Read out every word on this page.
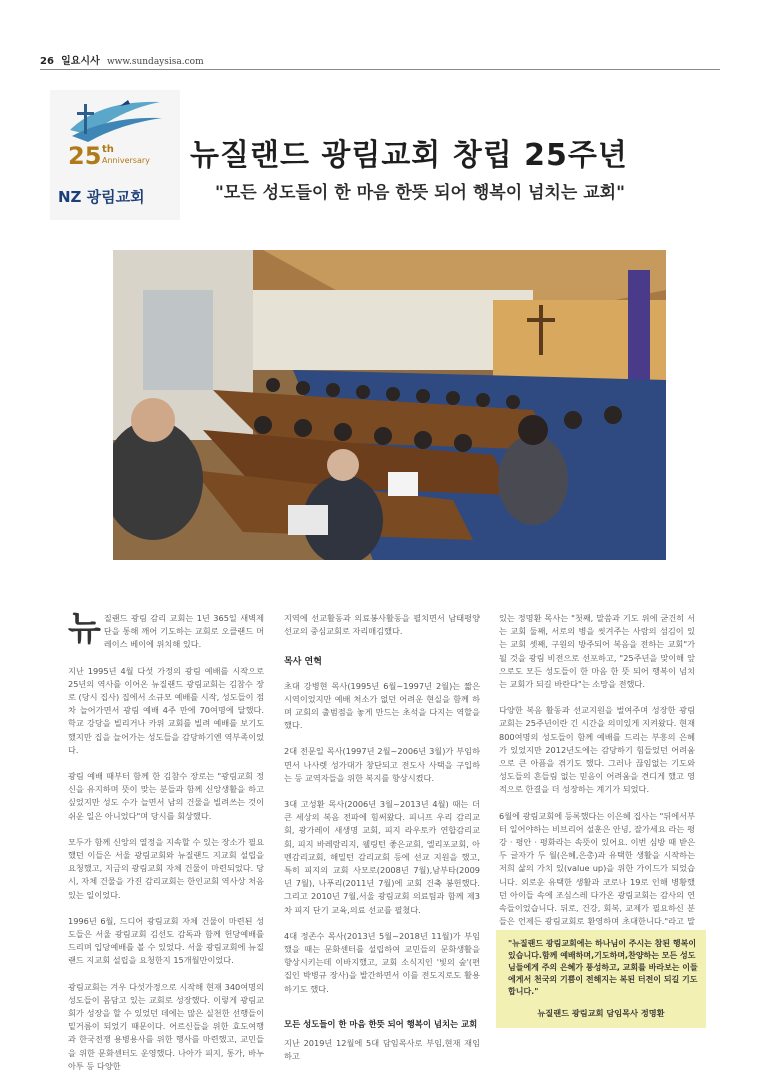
26 일요시사 www.sundaysisa.com
25 th
Anniversary
NZ 광림교회
뉴질랜드 광림교회 창립 25주년
"모든 성도들이 한 마음 한뜻 되어 행복이 넘치는 교회"

뉴질랜드 광림 감리 교회는 1년 365일 새벽제단을 통해 깨어 기도하는 교회로 오클랜드 머레이스 베이에 위치해 있다.

지난 1995년 4월 다섯 가정의 광림 예배를 시작으로 25년의 역사를 이어온 뉴질랜드 광림교회는 김참수 장로 (당시 집사) 집에서 소규모 예배를 시작, 성도들이 점차 늘어가면서 광림 예배 4주 만에 70여명에 달했다. 학교 강당을 빌리거나 카위 교회를 빌려 예배를 보기도 했지만 집을 늘어가는 성도들을 감당하기엔 역부족이었다.

광림 예배 때부터 함께 한 김참수 장로는 "광림교회 정신을 유지하며 뜻이 맞는 분들과 함께 신앙생활을 하고 싶었지만 성도 수가 늘면서 남의 건물을 빌려쓰는 것이 쉬운 일은 아니었다"며 당시를 회상했다.

모두가 함께 신앙의 열정을 지속할 수 있는 장소가 필요했던 이들은 서울 광림교회와 뉴질랜드 지교회 설립을 요청했고, 지금의 광림교회 자체 건물이 마련되었다. 당시, 자체 건물을 가진 감리교회는 한인교회 역사상 처음 있는 일이었다.

1996년 6월, 드디어 광림교회 자체 건물이 마련된 성도들은 서울 광림교회 김선도 감독과 함께 헌당예배를 드리며 입당예배를 볼 수 있었다. 서울 광림교회에 뉴질랜드 지교회 설립을 요청한지 15개월만이었다.

광림교회는 겨우 다섯가정으로 시작해 현재 340여명의 성도들이 몸담고 있는 교회로 성장했다. 이렇게 광림교회가 성장을 할 수 있었던 데에는 많은 실천한 선행들이 밑거름이 되었기 때문이다. 어르신들을 위한 효도여행과 한국전쟁 용병용사를 위한 행사를 마련했고, 교민들을 위한 문화센터도 운영했다. 나아가 피지, 통가, 바누아투 등 다양한

지역에 선교활동과 의료봉사활동을 펼치면서 남태평양 선교의 중심교회로 자리매김했다.

목사 연혁

초대 강병현 목사(1995년 6월~1997년 2월)는 짧은 시역이었지만 예배 처소가 없던 어려운 현실을 함께 하며 교회의 출범점을 놓게 만드는 초석을 다지는 역할을 했다.

2대 전문일 목사(1997년 2월~2006년 3월)가 부임하면서 나사렛 성가대가 창단되고 전도사 사택을 구입하는 등 교역자들을 위한 복지를 향상시켰다.

3대 고성환 목사(2006년 3월~2013년 4월) 때는 더 큰 세상의 복음 전파에 힘써왔다. 피니프 우리 감리교회, 광가레이 새생명 교회, 피지 라우토카 연합감리교회, 피지 바레람리지, 웰링턴 좋은교회, 엘리포교회, 아멘감리교회, 해밀턴 감리교회 등에 선교 지원을 했고, 특히 피지의 교회 사모로(2008년 7월),남부타(2009년 7월), 나푸리(2011년 7월)에 교회 건축 봉헌했다. 그리고 2010년 7월,서울 광림교회 의료팀과 함께 제3차 피지 단기 교육,의료 선교를 펼쳤다.

4대 정존수 목사(2013년 5월~2018년 11월)가 부임했을 때는 문화센터를 설립하여 교민들의 문화생활을 향상시키는데 이바지했고, 교회 소식지인 '빛의 숲'(편집인 박병규 장사)을 발간하면서 이를 전도지로도 활용하기도 했다.

모든 성도들이 한 마음 한뜻 되어 행복이 넘치는 교회

지난 2019년 12월에 5대 담임목사로 부임,현재 재임하고

있는 정명환 목사는 "첫째, 말씀과 기도 위에 굳건히 서는 교회 둘째, 서로의 병을 씻겨주는 사람의 섬김이 있는 교회 셋째, 구원의 방주되어 복음을 전하는 교회"가 될 것을 광림 비전으로 선포하고, "25주년을 맞이해 앞으로도 모든 성도들이 한 마음 한 뜻 되어 행복이 넘치는 교회가 되길 바란다"는 소망을 전했다.

다양한 복음 활동과 선교지원을 벌여주며 성장한 광림교회는 25주년이란 긴 시간을 의미있게 지켜왔다. 현재 800여명의 성도들이 함께 예배를 드리는 부흥의 은혜가 있었지만 2012년도에는 감당하기 힘들었던 어려움으로 큰 아픔을 겪기도 했다. 그러나 끊임없는 기도와 성도들의 흔들림 없는 믿음이 어려움을 견디게 했고 영적으로 한결을 더 성장하는 계기가 되었다.

6월에 광림교회에 등록했다는 이은혜 집사는 "뒤에서부터 일어야하는 비브리어 설훈은 안녕, 잘가세요 라는 평강 · 평안 · 평화라는 속뜻이 있어요. 이번 심방 때 받은 두 글자가 두 월(은혜,은총)과 유택한 생활을 시작하는 저희 삶의 가치 있(value up)을 위한 가이드가 되었습니다. 외로운 유택한 생활과 코로나 19로 인해 병황했던 아이들 속에 조심스레 다가온 광림교회는 감사의 연속들이었습니다. 뒤로, 건강, 회복, 교제가 필요하신 분들은 언제든 광림교회로 환영하며 초대한니다."라고 말

"뉴질랜드 광림교회에는 하나님이 주시는 참된 행복이 있습니다.함께 예배하며,기도하며,찬양하는 모든 성도님들에게 주의 은혜가 풍성하고, 교회를 바라보는 이들에게서 천국의 기쁨이 전해지는 복된 터전이 되길 기도합니다."
뉴질랜드 광림교회 담임목사 정명환
